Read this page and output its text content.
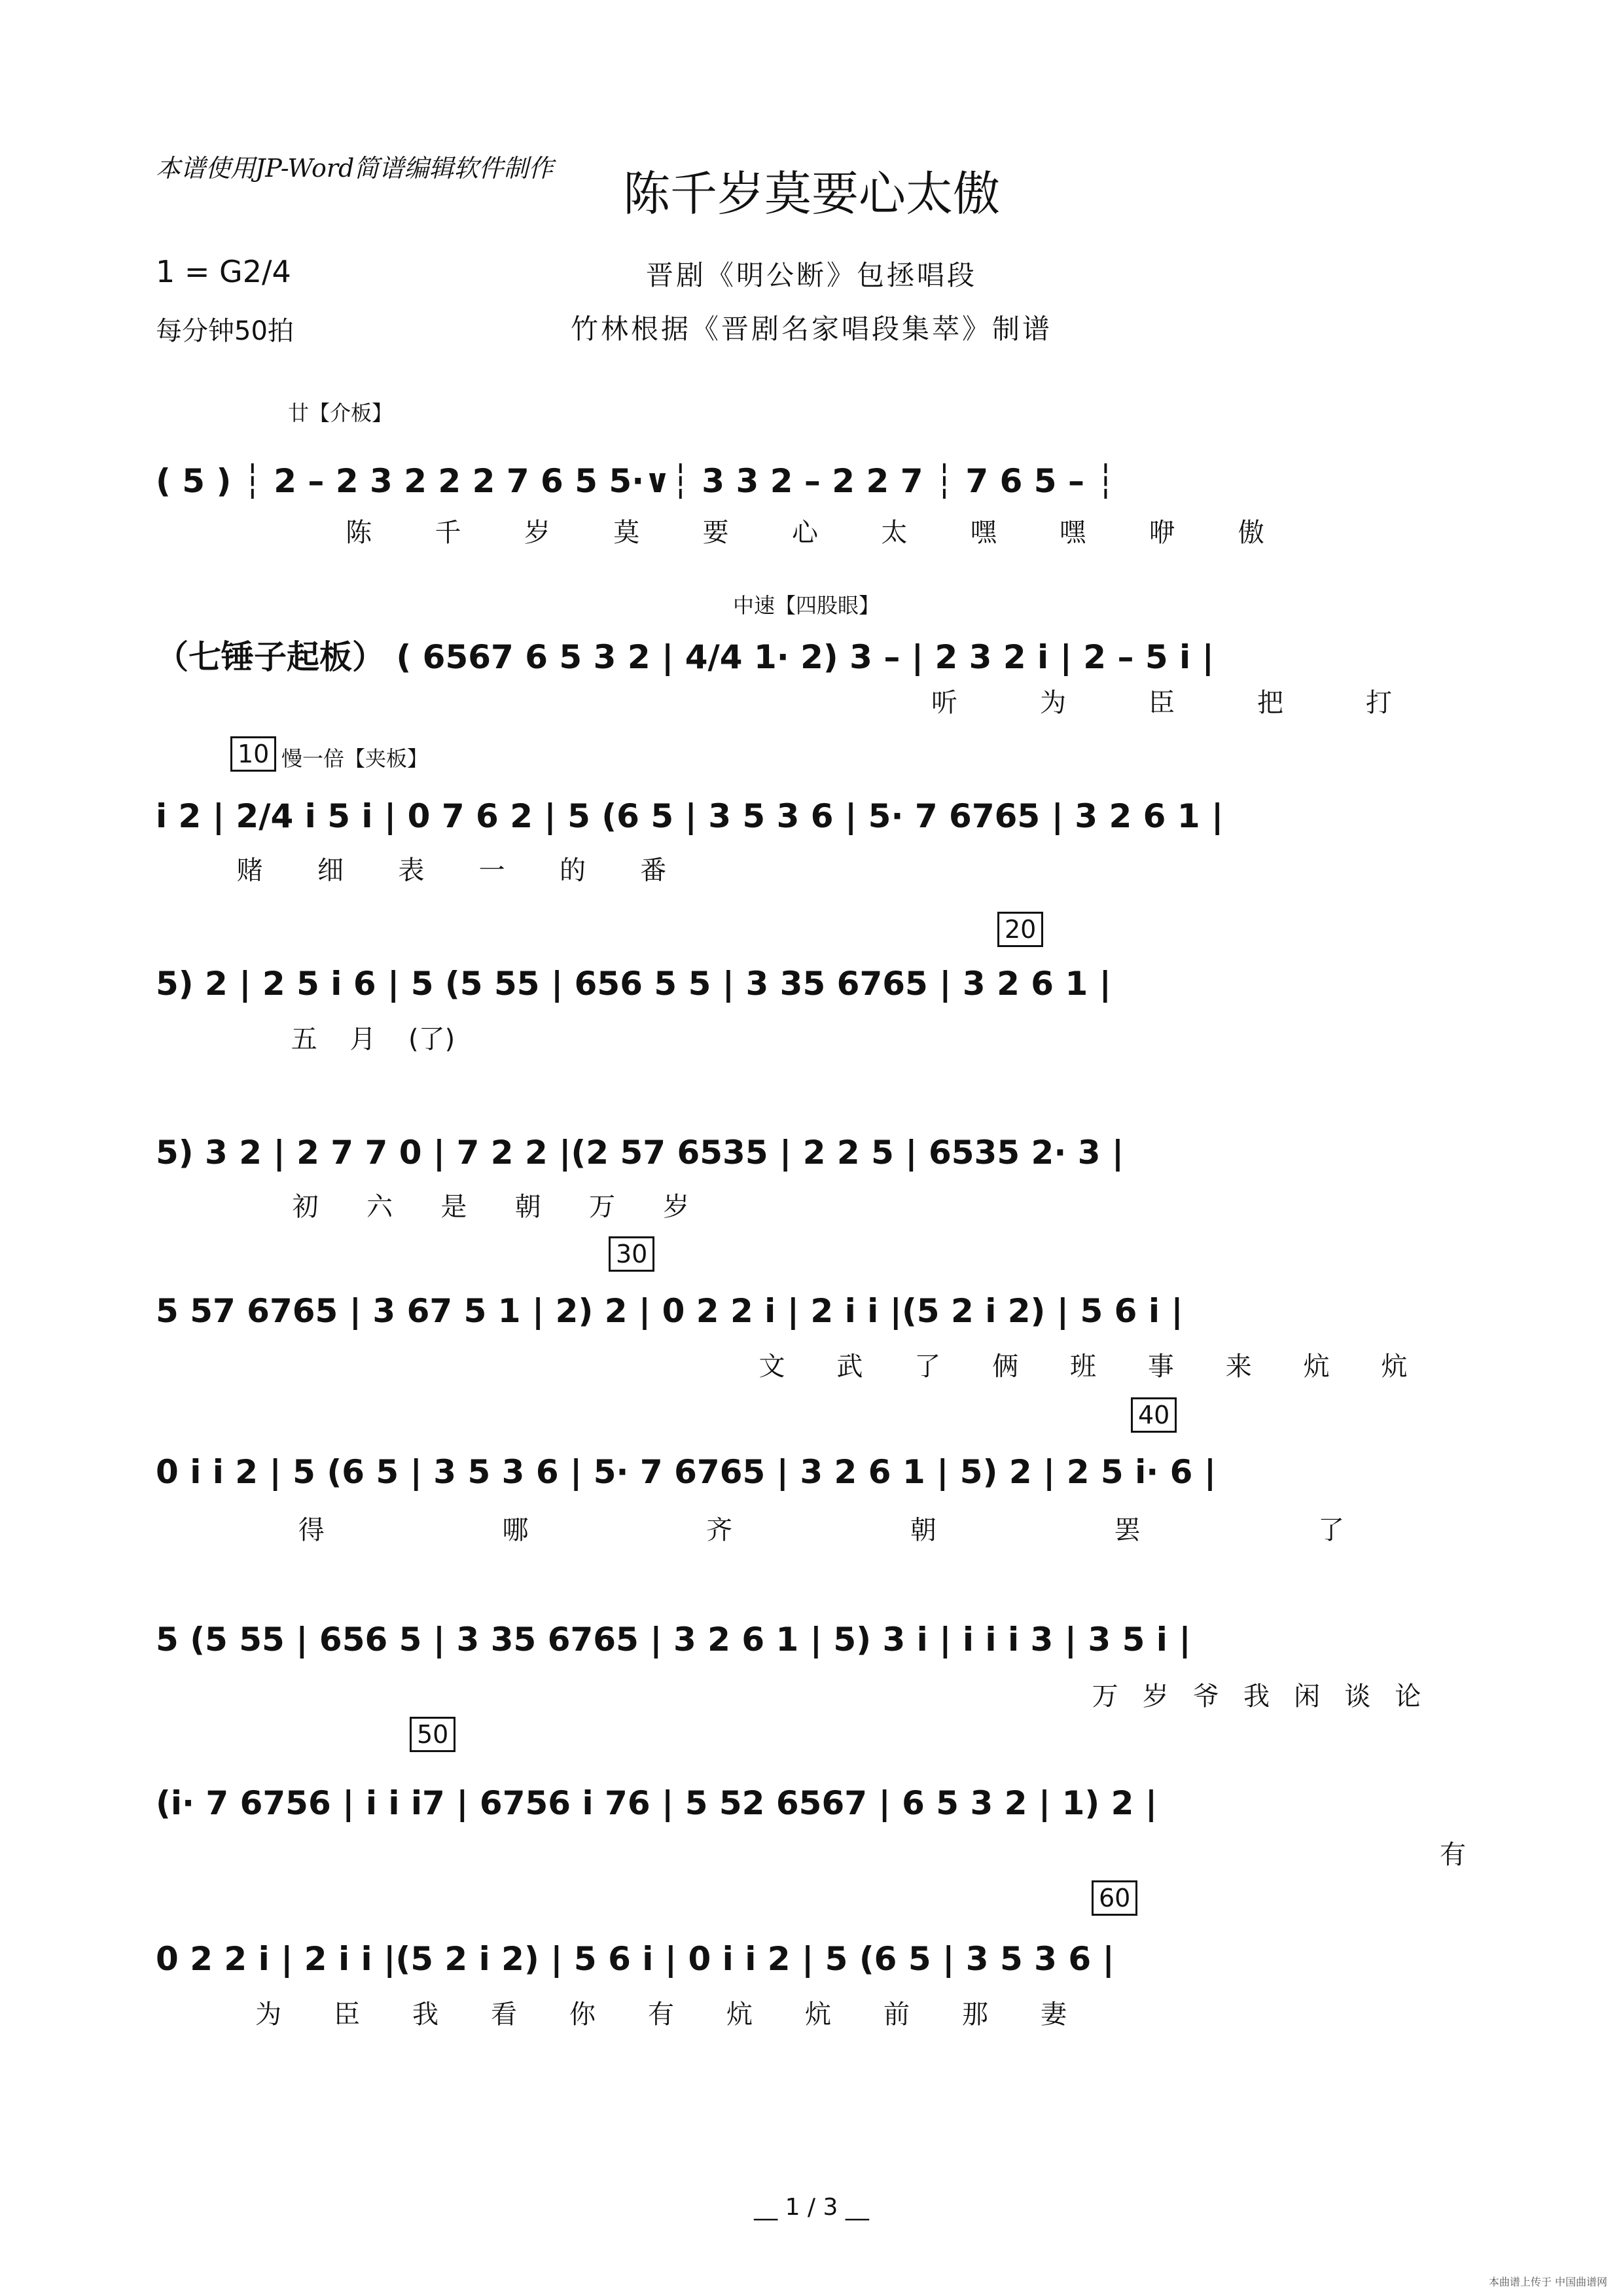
本谱使用JP-Word简谱编辑软件制作	陈千岁莫要心太傲
1 = G2/4
每分钟50拍
晋剧《明公断》包拯唱段
竹林根据《晋剧名家唱段集萃》制谱
廿【介板】
( 5 ) ┆ 2 – 2 3 2 2 2 7 6 5 5·∨┆ 3 3 2 – 2 2 7 ┆ 7 6 5 – ┆
陈 千 岁 莫 要 心 太 嘿 嘿 咿 傲
中速【四股眼】
（七锤子起板） ( 6567 6 5 3 2 | 4/4 1· 2) 3 – | 2 3 2 i | 2 – 5 i |
听	为	臣	把	打
10 慢一倍【夹板】
i 2 | 2/4 i 5 i | 0 7 6 2 | 5 (6 5 | 3 5 3 6 | 5· 7 6765 | 3 2 6 1 |
赌 细 表 一 的 番
20
5) 2 | 2 5 i 6 | 5 (5 55 | 656 5 5 | 3 35 6765 | 3 2 6 1 |
五 月 (了)
5) 3 2 | 2 7 7 0 | 7 2 2 |(2 57 6535 | 2 2 5 | 6535 2· 3 |
初 六 是 朝 万 岁
30
5 57 6765 | 3 67 5 1 | 2) 2 | 0 2 2 i | 2 i i |(5 2 i 2) | 5 6 i |
文 武 了 俩 班 事 来 炕 炕
40
0 i i 2 | 5 (6 5 | 3 5 3 6 | 5· 7 6765 | 3 2 6 1 | 5) 2 | 2 5 i· 6 |
得	哪	齐	朝	罢	了
5 (5 55 | 656 5 | 3 35 6765 | 3 2 6 1 | 5) 3 i | i i i 3 | 3 5 i |
万 岁 爷 我 闲 谈 论
50
(i· 7 6756 | i i i7 | 6756 i 76 | 5 52 6567 | 6 5 3 2 | 1) 2 |
有
60
0 2 2 i | 2 i i |(5 2 i 2) | 5 6 i | 0 i i 2 | 5 (6 5 | 3 5 3 6 |
为 臣 我 看 你 有 炕 炕 前 那 妻
__ 1 / 3 __
本曲谱上传于 中国曲谱网
